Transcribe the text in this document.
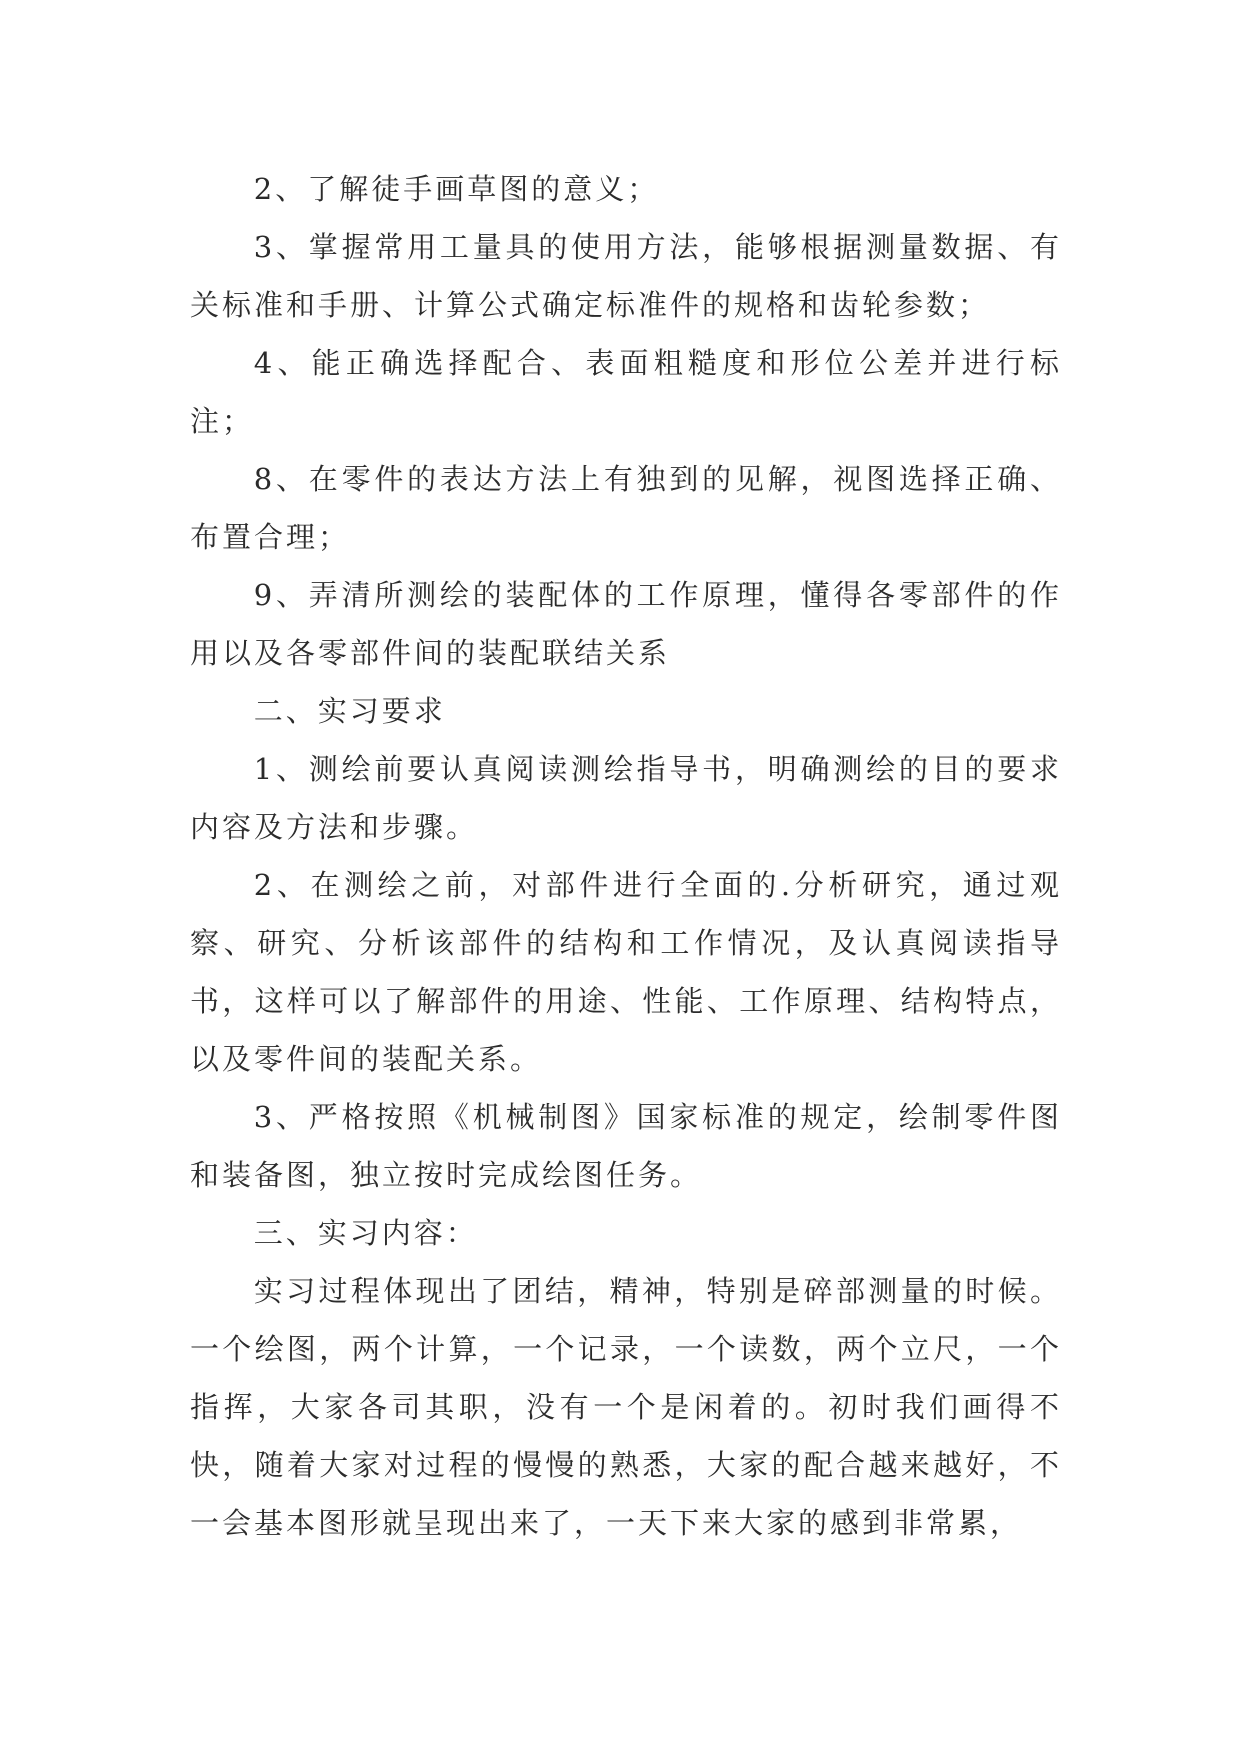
2、了解徒手画草图的意义；

3、掌握常用工量具的使用方法，能够根据测量数据、有关标准和手册、计算公式确定标准件的规格和齿轮参数；

4、能正确选择配合、表面粗糙度和形位公差并进行标注；

8、在零件的表达方法上有独到的见解，视图选择正确、布置合理；

9、弄清所测绘的装配体的工作原理，懂得各零部件的作用以及各零部件间的装配联结关系

二、实习要求

1、测绘前要认真阅读测绘指导书，明确测绘的目的要求内容及方法和步骤。

2、在测绘之前，对部件进行全面的.分析研究，通过观察、研究、分析该部件的结构和工作情况，及认真阅读指导书，这样可以了解部件的用途、性能、工作原理、结构特点，以及零件间的装配关系。

3、严格按照《机械制图》国家标准的规定，绘制零件图和装备图，独立按时完成绘图任务。

三、实习内容：

实习过程体现出了团结，精神，特别是碎部测量的时候。一个绘图，两个计算，一个记录，一个读数，两个立尺，一个指挥，大家各司其职，没有一个是闲着的。初时我们画得不快，随着大家对过程的慢慢的熟悉，大家的配合越来越好，不一会基本图形就呈现出来了，一天下来大家的感到非常累，
